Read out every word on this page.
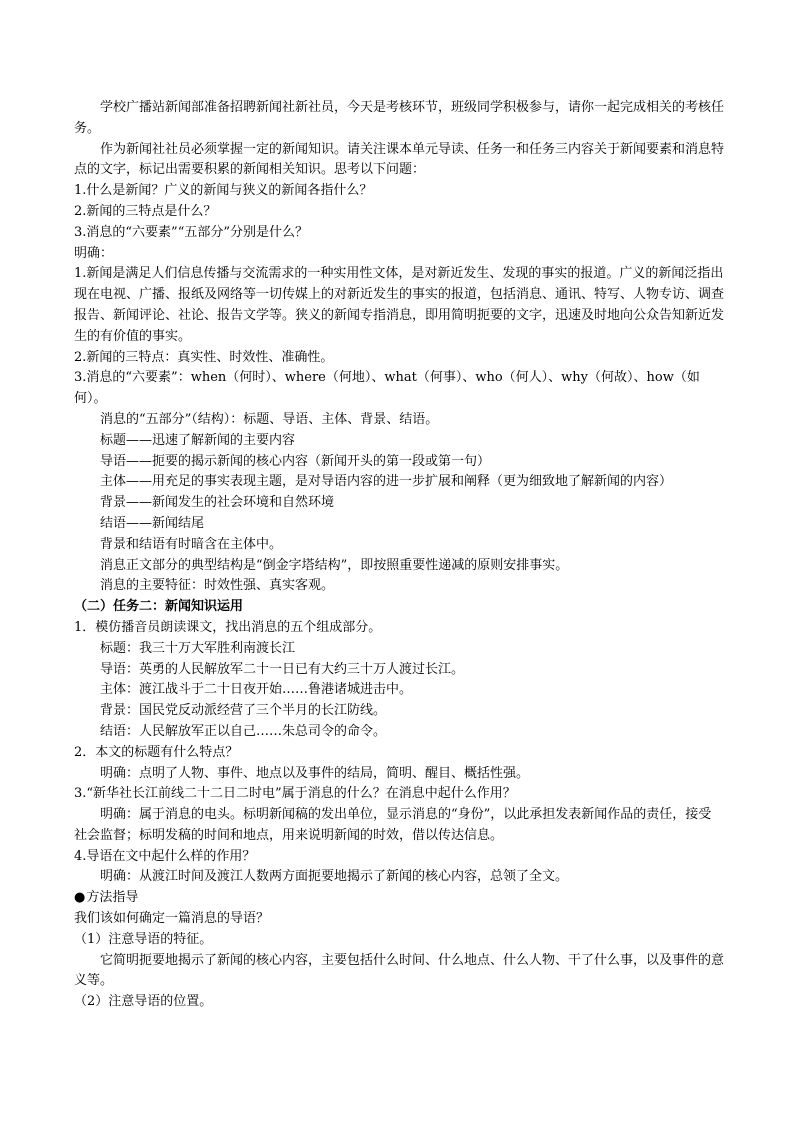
学校广播站新闻部准备招聘新闻社新社员，今天是考核环节，班级同学积极参与，请你一起完成相关的考核任务。

作为新闻社社员必须掌握一定的新闻知识。请关注课本单元导读、任务一和任务三内容关于新闻要素和消息特点的文字，标记出需要积累的新闻相关知识。思考以下问题：

1.什么是新闻？广义的新闻与狭义的新闻各指什么？

2.新闻的三特点是什么？

3.消息的“六要素”“五部分”分别是什么？

明确：

1.新闻是满足人们信息传播与交流需求的一种实用性文体，是对新近发生、发现的事实的报道。广义的新闻泛指出现在电视、广播、报纸及网络等一切传媒上的对新近发生的事实的报道，包括消息、通讯、特写、人物专访、调查报告、新闻评论、社论、报告文学等。狭义的新闻专指消息，即用简明扼要的文字，迅速及时地向公众告知新近发生的有价值的事实。

2.新闻的三特点：真实性、时效性、准确性。

3.消息的“六要素”：when（何时）、where（何地）、what（何事）、who（何人）、why（何故）、how（如何）。

消息的“五部分”（结构）：标题、导语、主体、背景、结语。

标题——迅速了解新闻的主要内容

导语——扼要的揭示新闻的核心内容（新闻开头的第一段或第一句）

主体——用充足的事实表现主题，是对导语内容的进一步扩展和阐释（更为细致地了解新闻的内容）

背景——新闻发生的社会环境和自然环境

结语——新闻结尾

背景和结语有时暗含在主体中。

消息正文部分的典型结构是“倒金字塔结构”，即按照重要性递减的原则安排事实。

消息的主要特征：时效性强、真实客观。

（二）任务二：新闻知识运用

1．模仿播音员朗读课文，找出消息的五个组成部分。

标题：我三十万大军胜利南渡长江

导语：英勇的人民解放军二十一日已有大约三十万人渡过长江。

主体：渡江战斗于二十日夜开始……鲁港诸城进击中。

背景：国民党反动派经营了三个半月的长江防线。

结语：人民解放军正以自己……朱总司令的命令。

2．本文的标题有什么特点？

明确：点明了人物、事件、地点以及事件的结局，简明、醒目、概括性强。

3.“新华社长江前线二十二日二时电”属于消息的什么？在消息中起什么作用？

明确：属于消息的电头。标明新闻稿的发出单位，显示消息的“身份”，以此承担发表新闻作品的责任，接受社会监督；标明发稿的时间和地点，用来说明新闻的时效，借以传达信息。

4.导语在文中起什么样的作用？

明确：从渡江时间及渡江人数两方面扼要地揭示了新闻的核心内容，总领了全文。

●方法指导

我们该如何确定一篇消息的导语？

（1）注意导语的特征。

它简明扼要地揭示了新闻的核心内容，主要包括什么时间、什么地点、什么人物、干了什么事，以及事件的意义等。

（2）注意导语的位置。
